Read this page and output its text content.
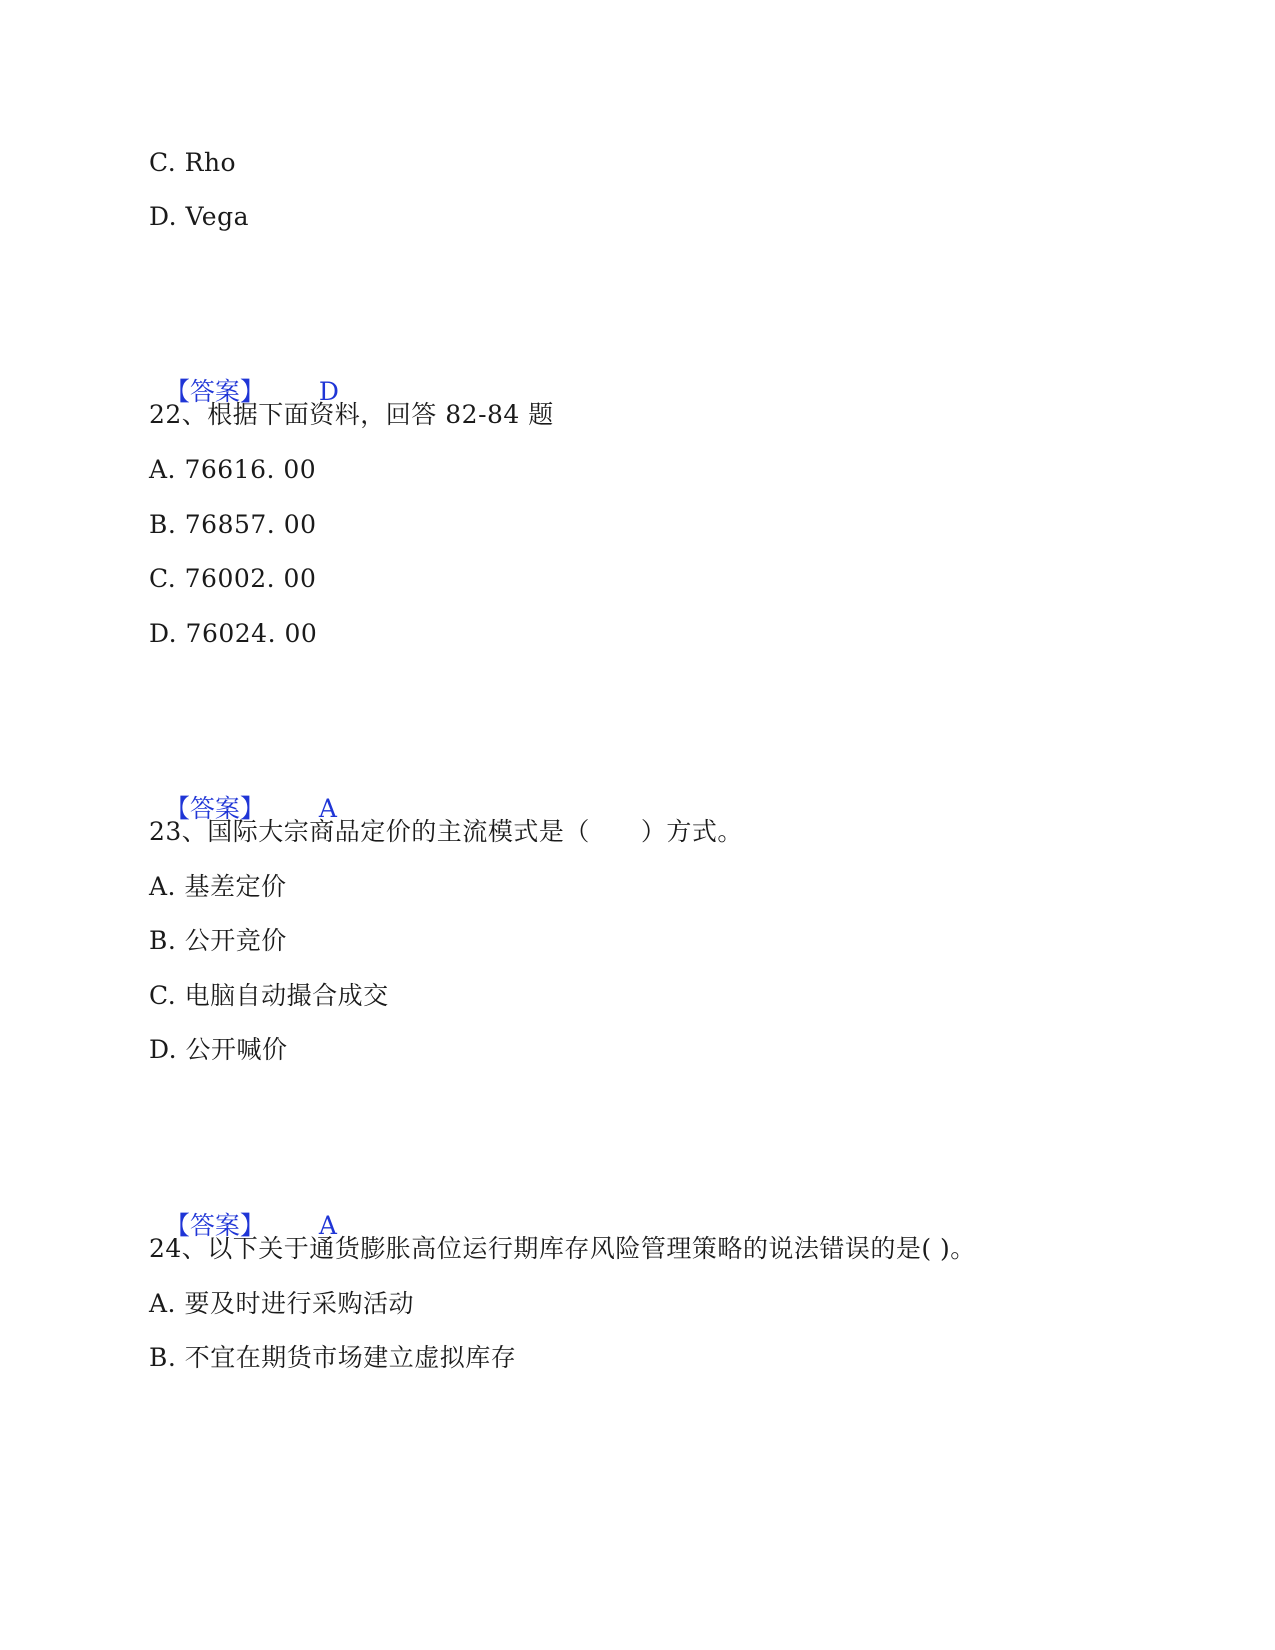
C. Rho
D. Vega

【答案】 D

22、根据下面资料，回答 82-84 题
A. 76616. 00
B. 76857. 00
C. 76002. 00
D. 76024. 00

【答案】 A

23、国际大宗商品定价的主流模式是（　　）方式。
A. 基差定价
B. 公开竞价
C. 电脑自动撮合成交
D. 公开喊价

【答案】 A

24、以下关于通货膨胀高位运行期库存风险管理策略的说法错误的是( )。
A. 要及时进行采购活动
B. 不宜在期货市场建立虚拟库存
